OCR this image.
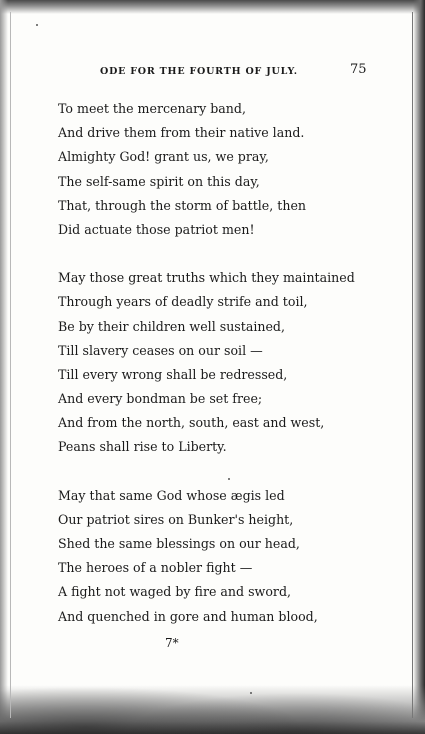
ODE FOR THE FOURTH OF JULY.	75
To meet the mercenary band,
And drive them from their native land.
Almighty God! grant us, we pray,
The self-same spirit on this day,
That, through the storm of battle, then
Did actuate those patriot men!
May those great truths which they maintained
Through years of deadly strife and toil,
Be by their children well sustained,
Till slavery ceases on our soil —
Till every wrong shall be redressed,
And every bondman be set free;
And from the north, south, east and west,
Peans shall rise to Liberty.
May that same God whose ægis led
Our patriot sires on Bunker's height,
Shed the same blessings on our head,
The heroes of a nobler fight —
A fight not waged by fire and sword,
And quenched in gore and human blood,
7*
